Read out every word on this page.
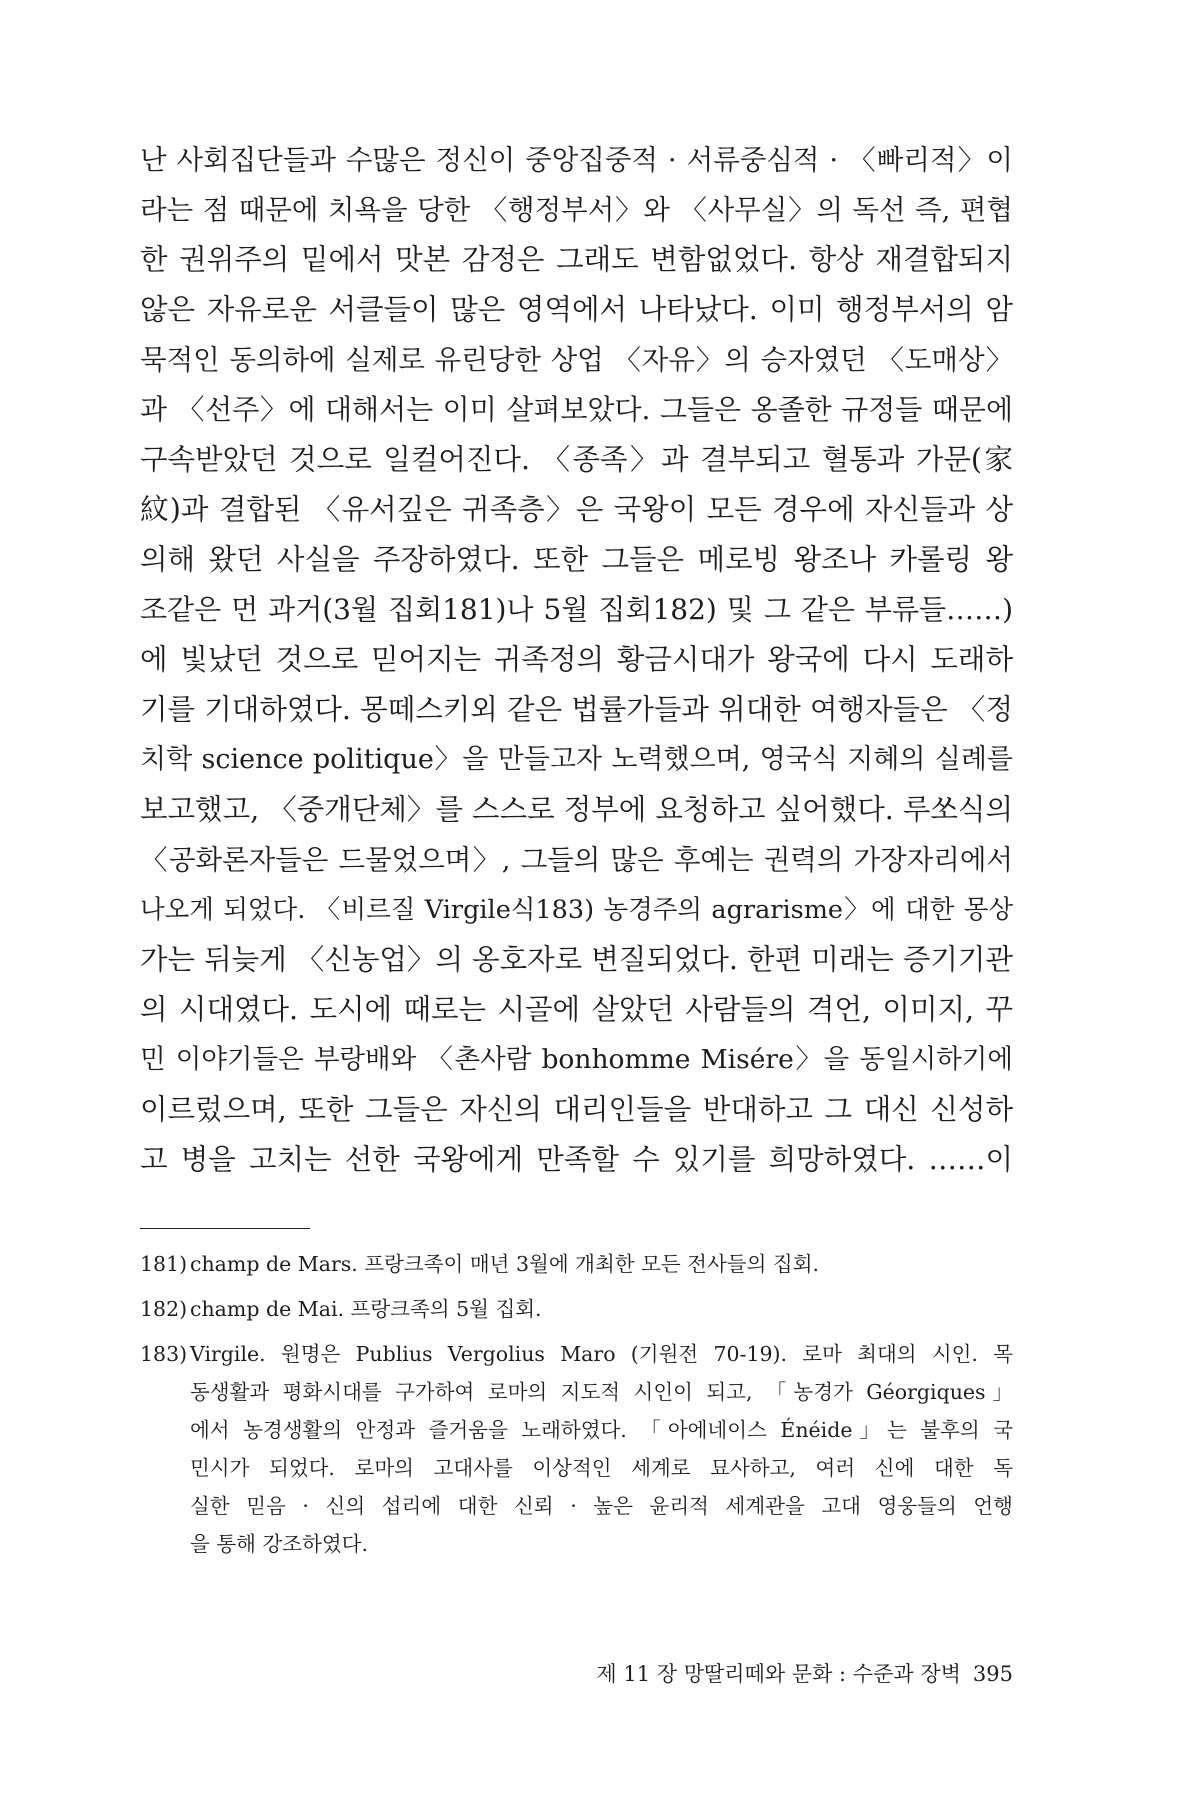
난 사회집단들과 수많은 정신이 중앙집중적 · 서류중심적 · 〈빠리적〉이
라는 점 때문에 치욕을 당한 〈행정부서〉와 〈사무실〉의 독선 즉, 편협
한 권위주의 밑에서 맛본 감정은 그래도 변함없었다. 항상 재결합되지
않은 자유로운 서클들이 많은 영역에서 나타났다. 이미 행정부서의 암
묵적인 동의하에 실제로 유린당한 상업 〈자유〉의 승자였던 〈도매상〉
과 〈선주〉에 대해서는 이미 살펴보았다. 그들은 옹졸한 규정들 때문에
구속받았던 것으로 일컬어진다. 〈종족〉과 결부되고 혈통과 가문(家
紋)과 결합된 〈유서깊은 귀족층〉은 국왕이 모든 경우에 자신들과 상
의해 왔던 사실을 주장하였다. 또한 그들은 메로빙 왕조나 카롤링 왕
조같은 먼 과거(3월 집회181)나 5월 집회182) 및 그 같은 부류들……)
에 빛났던 것으로 믿어지는 귀족정의 황금시대가 왕국에 다시 도래하
기를 기대하였다. 몽떼스키외 같은 법률가들과 위대한 여행자들은 〈정
치학 science politique〉을 만들고자 노력했으며, 영국식 지혜의 실례를
보고했고, 〈중개단체〉를 스스로 정부에 요청하고 싶어했다. 루쏘식의
〈공화론자들은 드물었으며〉, 그들의 많은 후예는 권력의 가장자리에서
나오게 되었다. 〈비르질 Virgile식183) 농경주의 agrarisme〉에 대한 몽상
가는 뒤늦게 〈신농업〉의 옹호자로 변질되었다. 한편 미래는 증기기관
의 시대였다. 도시에 때로는 시골에 살았던 사람들의 격언, 이미지, 꾸
민 이야기들은 부랑배와 〈촌사람 bonhomme Misére〉을 동일시하기에
이르렀으며, 또한 그들은 자신의 대리인들을 반대하고 그 대신 신성하
고 병을 고치는 선한 국왕에게 만족할 수 있기를 희망하였다. ……이
181) champ de Mars. 프랑크족이 매년 3월에 개최한 모든 전사들의 집회.
182) champ de Mai. 프랑크족의 5월 집회.
183) Virgile. 원명은 Publius Vergolius Maro (기원전 70-19). 로마 최대의 시인. 목
동생활과 평화시대를 구가하여 로마의 지도적 시인이 되고, 「농경가 Géorgiques」
에서 농경생활의 안정과 즐거움을 노래하였다. 「아에네이스 Énéide」는 불후의 국
민시가 되었다. 로마의 고대사를 이상적인 세계로 묘사하고, 여러 신에 대한 독
실한 믿음 · 신의 섭리에 대한 신뢰 · 높은 윤리적 세계관을 고대 영웅들의 언행
을 통해 강조하였다.
제 11 장 망딸리떼와 문화 : 수준과 장벽 395
